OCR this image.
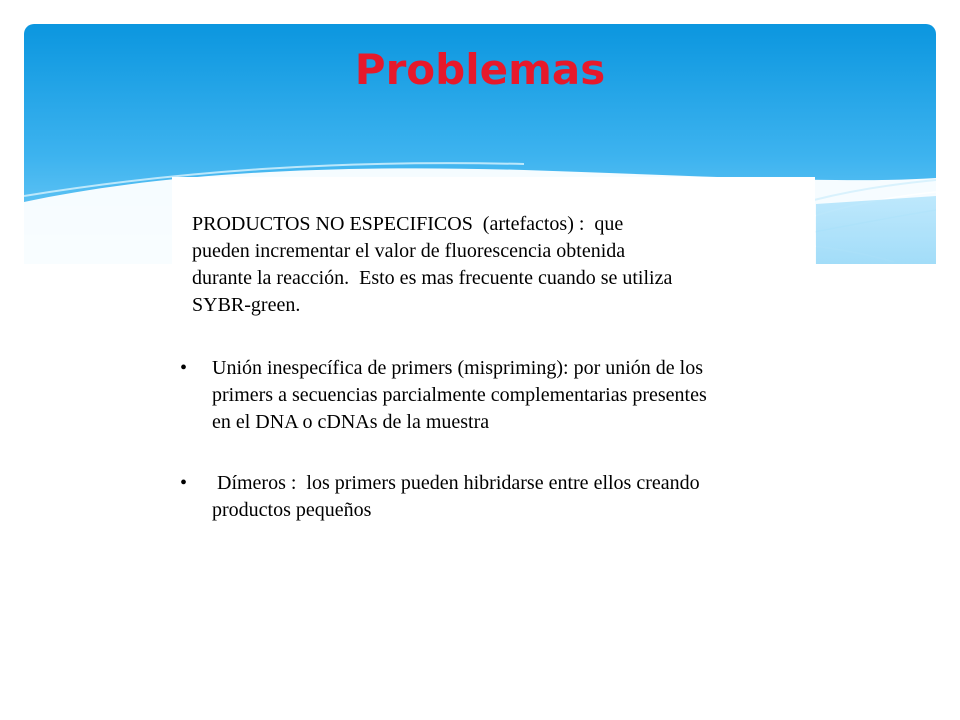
Problemas
PRODUCTOS NO ESPECIFICOS  (artefactos) :  que
pueden incrementar el valor de fluorescencia obtenida
durante la reacción.  Esto es mas frecuente cuando se utiliza
SYBR-green.
• Unión inespecífica de primers (mispriming): por unión de los
primers a secuencias parcialmente complementarias presentes
en el DNA o cDNAs de la muestra
• Dímeros :  los primers pueden hibridarse entre ellos creando
productos pequeños
